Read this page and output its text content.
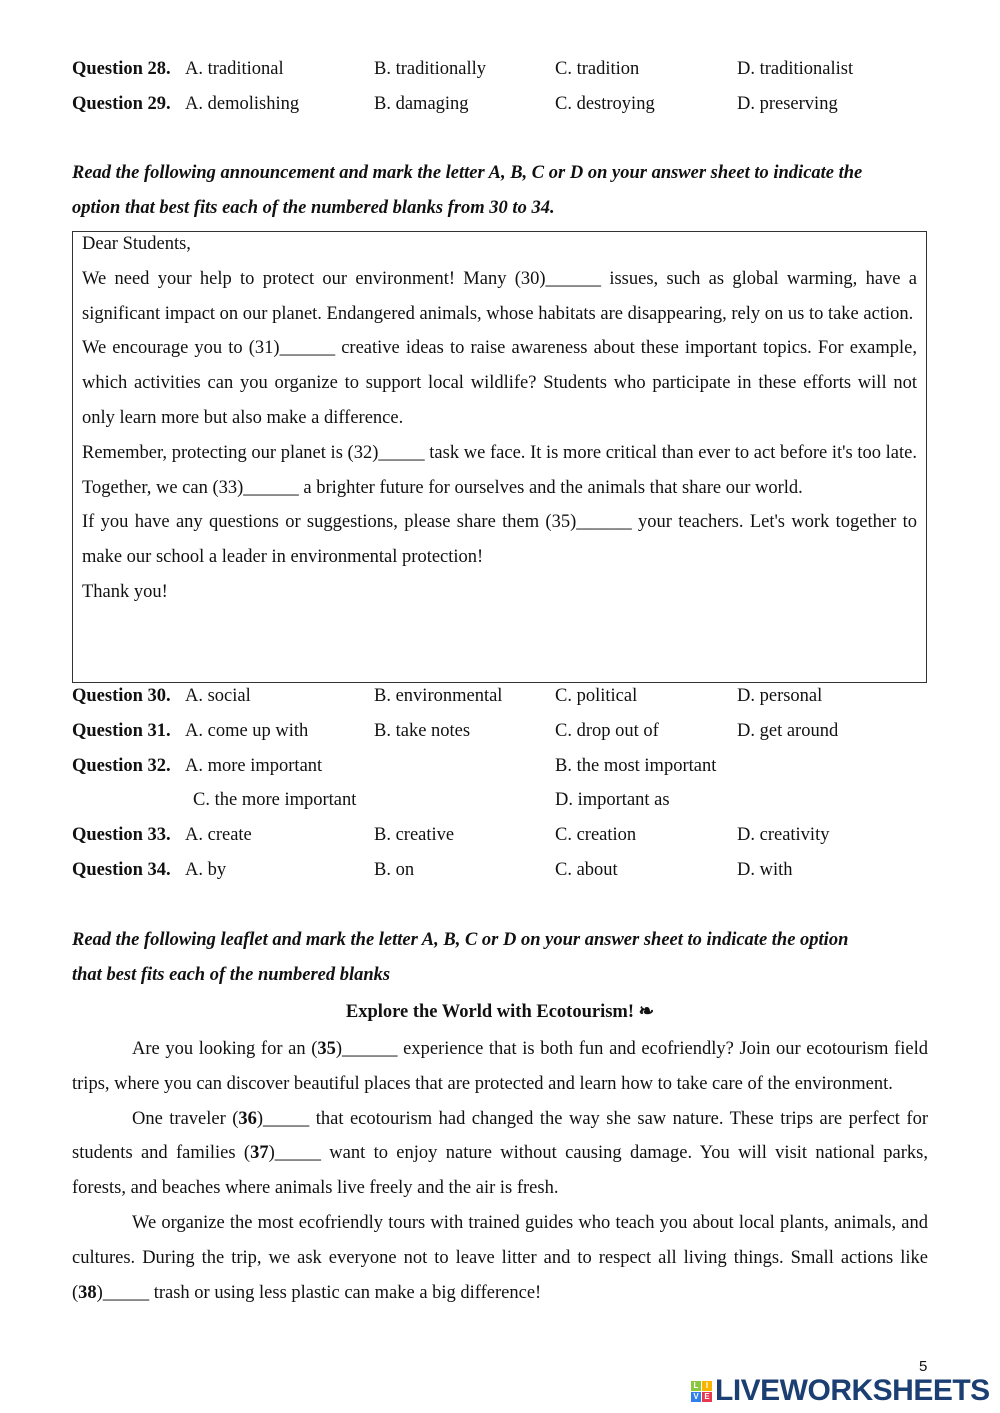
Question 28. A. traditional	B. traditionally	C. tradition	D. traditionalist
Question 29. A. demolishing	B. damaging	C. destroying	D. preserving
Read the following announcement and mark the letter A, B, C or D on your answer sheet to indicate the
option that best fits each of the numbered blanks from 30 to 34.

Dear Students,

We need your help to protect our environment! Many (30)______ issues, such as global warming, have a significant impact on our planet. Endangered animals, whose habitats are disappearing, rely on us to take action.

We encourage you to (31)______ creative ideas to raise awareness about these important topics. For example, which activities can you organize to support local wildlife? Students who participate in these efforts will not only learn more but also make a difference.

Remember, protecting our planet is (32)_____ task we face. It is more critical than ever to act before it's too late. Together, we can (33)______ a brighter future for ourselves and the animals that share our world.

If you have any questions or suggestions, please share them (35)______ your teachers. Let's work together to make our school a leader in environmental protection!

Thank you!

Question 30. A. social	B. environmental	C. political	D. personal
Question 31. A. come up with	B. take notes	C. drop out of	D. get around
Question 32. A. more important	B. the most important
C. the more important	D. important as
Question 33. A. create	B. creative	C. creation	D. creativity
Question 34. A. by	B. on	C. about	D. with
Read the following leaflet and mark the letter A, B, C or D on your answer sheet to indicate the option
that best fits each of the numbered blanks
Explore the World with Ecotourism! ❧

Are you looking for an (35)______ experience that is both fun and ecofriendly? Join our ecotourism field trips, where you can discover beautiful places that are protected and learn how to take care of the environment.

One traveler (36)_____ that ecotourism had changed the way she saw nature. These trips are perfect for students and families (37)_____ want to enjoy nature without causing damage. You will visit national parks, forests, and beaches where animals live freely and the air is fresh.

We organize the most ecofriendly tours with trained guides who teach you about local plants, animals, and cultures. During the trip, we ask everyone not to leave litter and to respect all living things. Small actions like (38)_____ trash or using less plastic can make a big difference!

5
L I
V E LIVEWORKSHEETS
